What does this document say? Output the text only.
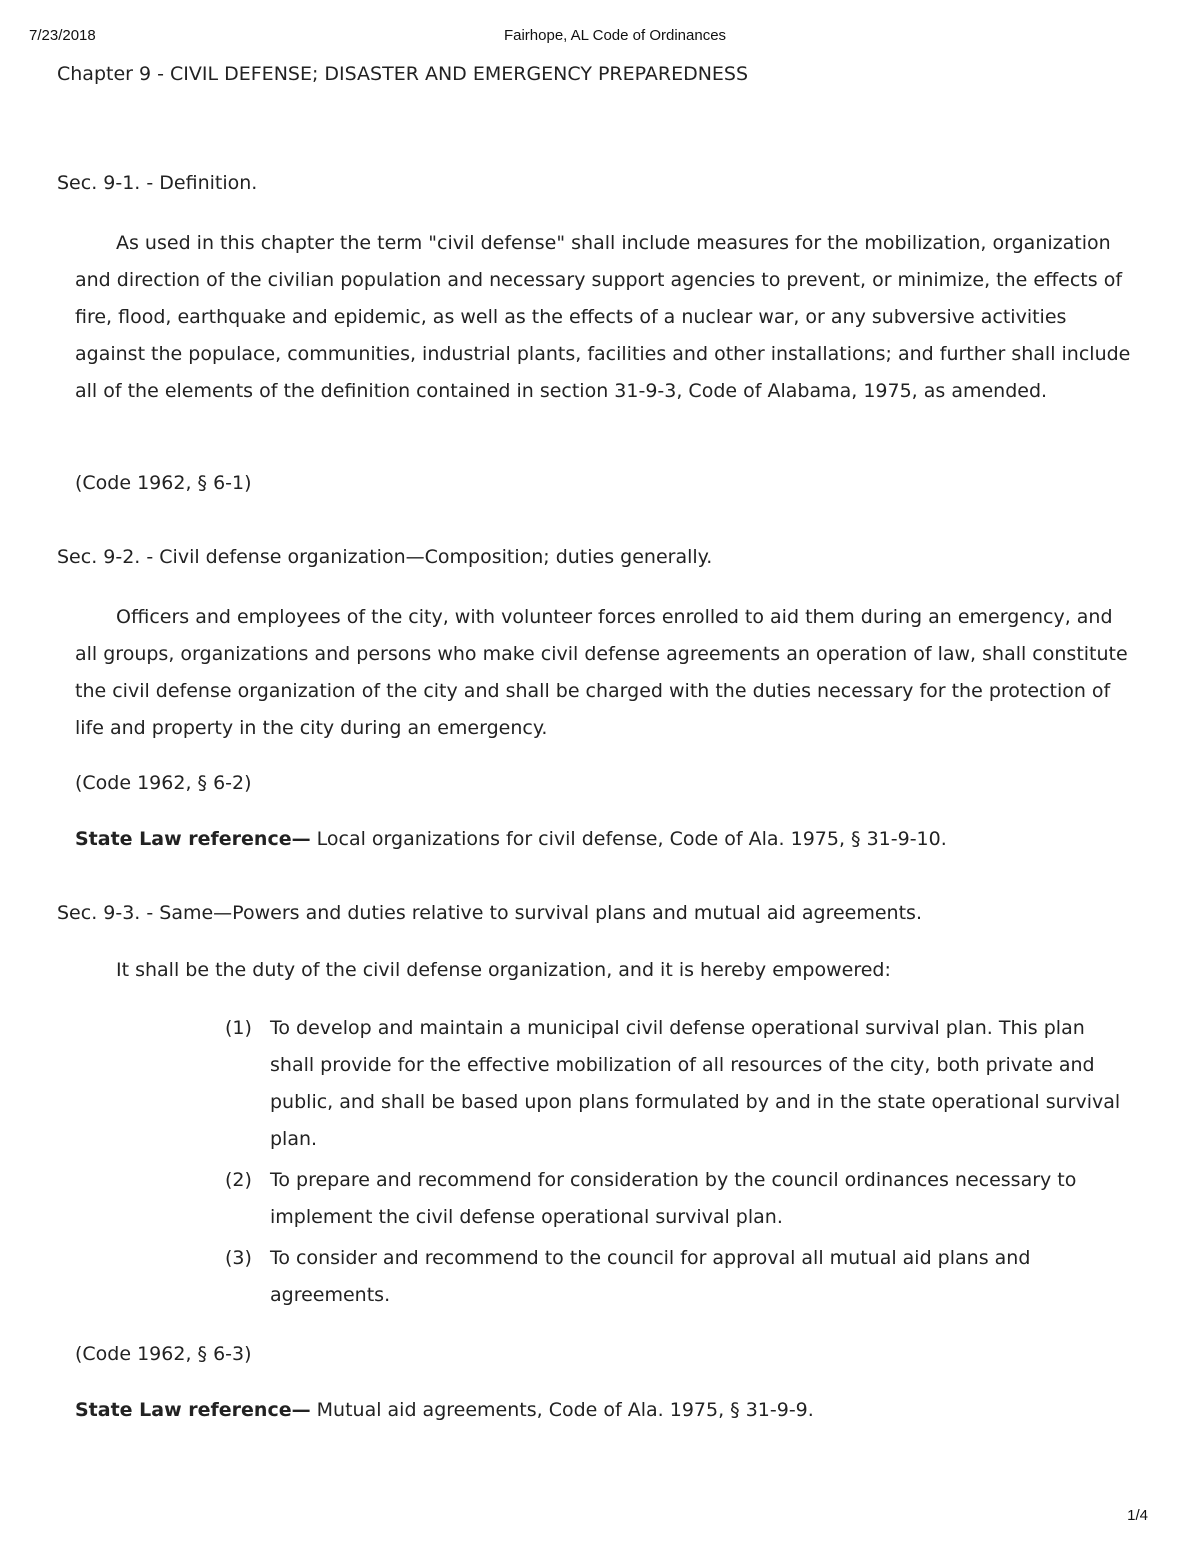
7/23/2018	Fairhope, AL Code of Ordinances
Chapter 9 - CIVIL DEFENSE; DISASTER AND EMERGENCY PREPAREDNESS
Sec. 9-1. - Definition.
As used in this chapter the term "civil defense" shall include measures for the mobilization, organization and direction of the civilian population and necessary support agencies to prevent, or minimize, the effects of fire, flood, earthquake and epidemic, as well as the effects of a nuclear war, or any subversive activities against the populace, communities, industrial plants, facilities and other installations; and further shall include all of the elements of the definition contained in section 31-9-3, Code of Alabama, 1975, as amended.
(Code 1962, § 6-1)
Sec. 9-2. - Civil defense organization—Composition; duties generally.
Officers and employees of the city, with volunteer forces enrolled to aid them during an emergency, and all groups, organizations and persons who make civil defense agreements an operation of law, shall constitute the civil defense organization of the city and shall be charged with the duties necessary for the protection of life and property in the city during an emergency.
(Code 1962, § 6-2)
State Law reference— Local organizations for civil defense, Code of Ala. 1975, § 31-9-10.
Sec. 9-3. - Same—Powers and duties relative to survival plans and mutual aid agreements.
It shall be the duty of the civil defense organization, and it is hereby empowered:
(1) To develop and maintain a municipal civil defense operational survival plan. This plan shall provide for the effective mobilization of all resources of the city, both private and public, and shall be based upon plans formulated by and in the state operational survival plan.
(2) To prepare and recommend for consideration by the council ordinances necessary to implement the civil defense operational survival plan.
(3) To consider and recommend to the council for approval all mutual aid plans and agreements.
(Code 1962, § 6-3)
State Law reference— Mutual aid agreements, Code of Ala. 1975, § 31-9-9.
1/4
